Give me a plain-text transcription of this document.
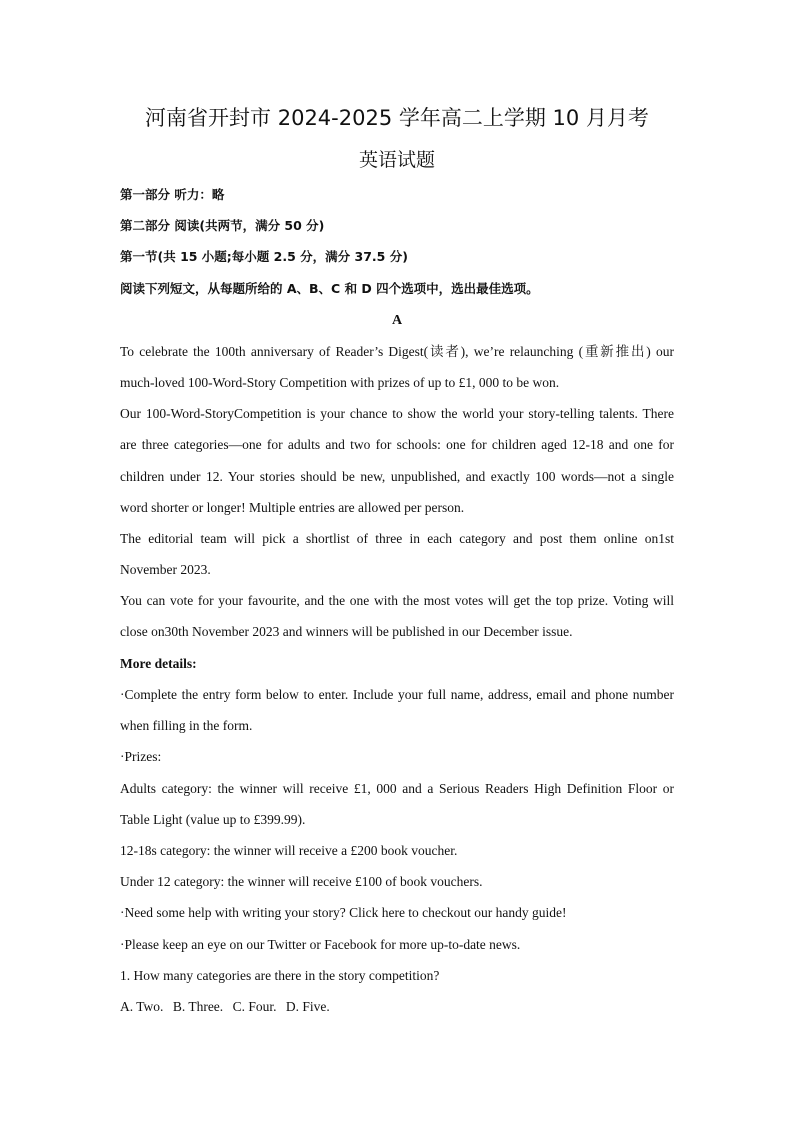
河南省开封市 2024-2025 学年高二上学期 10 月月考
英语试题
第一部分 听力：略
第二部分 阅读(共两节，满分 50 分)
第一节(共 15 小题;每小题 2.5 分，满分 37.5 分)
阅读下列短文，从每题所给的 A、B、C 和 D 四个选项中，选出最佳选项。
A
To celebrate the 100th anniversary of Reader’s Digest(读者), we’re relaunching (重新推出) our
much-loved 100-Word-Story Competition with prizes of up to £1, 000 to be won.
Our 100-Word-StoryCompetition is your chance to show the world your story-telling talents. There
are three categories—one for adults and two for schools: one for children aged 12-18 and one for
children under 12. Your stories should be new, unpublished, and exactly 100 words—not a single
word shorter or longer! Multiple entries are allowed per person.
The editorial team will pick a shortlist of three in each category and post them online on1st
November 2023.
You can vote for your favourite, and the one with the most votes will get the top prize. Voting will
close on30th November 2023 and winners will be published in our December issue.
More details:
·Complete the entry form below to enter. Include your full name, address, email and phone number
when filling in the form.
·Prizes:
Adults category: the winner will receive £1, 000 and a Serious Readers High Definition Floor or
Table Light (value up to £399.99).
12-18s category: the winner will receive a £200 book voucher.
Under 12 category: the winner will receive £100 of book vouchers.
·Need some help with writing your story? Click here to checkout our handy guide!
·Please keep an eye on our Twitter or Facebook for more up-to-date news.
1. How many categories are there in the story competition?
A. Two. B. Three. C. Four. D. Five.
